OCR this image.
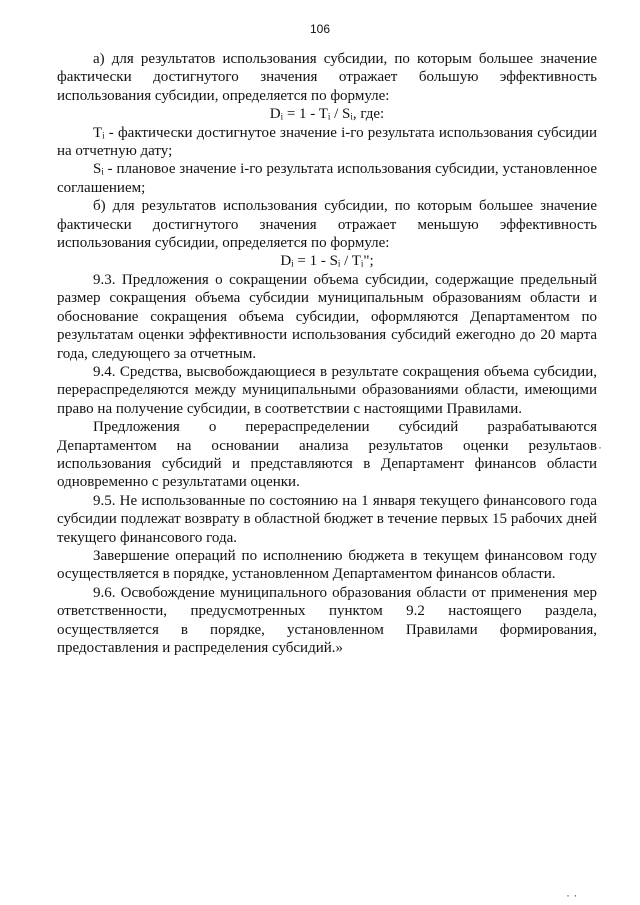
106

а) для результатов использования субсидии, по которым большее значение фактически достигнутого значения отражает большую эффективность использования субсидии, определяется по формуле:

Dᵢ = 1 - Tᵢ / Sᵢ, где:

Tᵢ - фактически достигнутое значение i-го результата использования субсидии на отчетную дату;

Sᵢ - плановое значение i-го результата использования субсидии, установленное соглашением;

б) для результатов использования субсидии, по которым большее значение фактически достигнутого значения отражает меньшую эффективность использования субсидии, определяется по формуле:

Dᵢ = 1 - Sᵢ / Tᵢ";

9.3. Предложения о сокращении объема субсидии, содержащие предельный размер сокращения объема субсидии муниципальным образованиям области и обоснование сокращения объема субсидии, оформляются Департаментом по результатам оценки эффективности использования субсидий ежегодно до 20 марта года, следующего за отчетным.

9.4. Средства, высвобождающиеся в результате сокращения объема субсидии, перераспределяются между муниципальными образованиями области, имеющими право на получение субсидии, в соответствии с настоящими Правилами.

Предложения о перераспределении субсидий разрабатываются Департаментом на основании анализа результатов оценки результаов использования субсидий и представляются в Департамент финансов области одновременно с результатами оценки.

9.5. Не использованные по состоянию на 1 января текущего финансового года субсидии подлежат возврату в областной бюджет в течение первых 15 рабочих дней текущего финансового года.

Завершение операций по исполнению бюджета в текущем финансовом году осуществляется в порядке, установленном Департаментом финансов области.

9.6. Освобождение муниципального образования области от применения мер ответственности, предусмотренных пунктом 9.2 настоящего раздела, осуществляется в порядке, установленном Правилами формирования, предоставления и распределения субсидий.»

·
· ·
